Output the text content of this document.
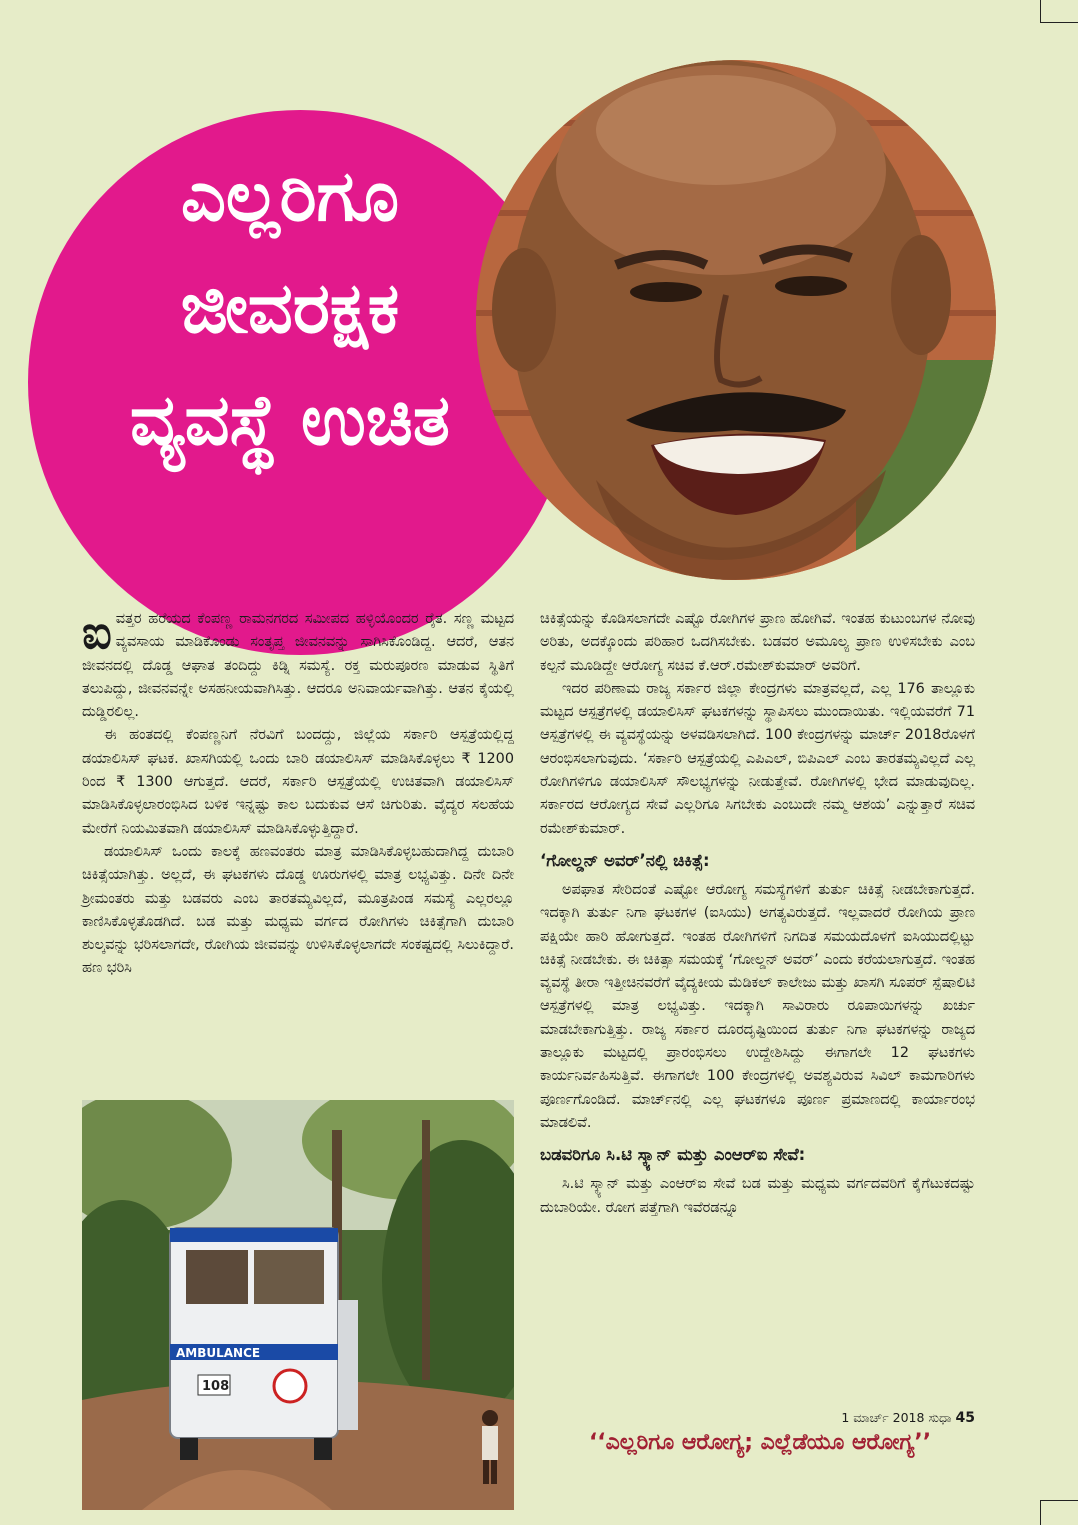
ಎಲ್ಲರಿಗೂ
ಜೀವರಕ್ಷಕ
ವ್ಯವಸ್ಥೆ ಉಚಿತ

ಐವತ್ತರ ಹರೆಯದ ಕೆಂಪಣ್ಣ ರಾಮನಗರದ ಸಮೀಪದ ಹಳ್ಳಿಯೊಂದರ ರೈತ. ಸಣ್ಣ ಮಟ್ಟದ ವ್ಯವಸಾಯ ಮಾಡಿಕೊಂಡು ಸಂತೃಪ್ತ ಜೀವನವನ್ನು ಸಾಗಿಸಿಕೊಂಡಿದ್ದ. ಆದರೆ, ಆತನ ಜೀವನದಲ್ಲಿ ದೊಡ್ಡ ಆಘಾತ ತಂದಿದ್ದು ಕಿಡ್ನಿ ಸಮಸ್ಯೆ. ರಕ್ತ ಮರುಪೂರಣ ಮಾಡುವ ಸ್ಥಿತಿಗೆ ತಲುಪಿದ್ದು, ಜೀವನವನ್ನೇ ಅಸಹನೀಯವಾಗಿಸಿತ್ತು. ಆದರೂ ಅನಿವಾರ್ಯವಾಗಿತ್ತು. ಆತನ ಕೈಯಲ್ಲಿ ದುಡ್ಡಿರಲಿಲ್ಲ.

ಈ ಹಂತದಲ್ಲಿ ಕೆಂಪಣ್ಣನಿಗೆ ನೆರವಿಗೆ ಬಂದದ್ದು, ಜಿಲ್ಲೆಯ ಸರ್ಕಾರಿ ಆಸ್ಪತ್ರೆಯಲ್ಲಿದ್ದ ಡಯಾಲಿಸಿಸ್ ಘಟಕ. ಖಾಸಗಿಯಲ್ಲಿ ಒಂದು ಬಾರಿ ಡಯಾಲಿಸಿಸ್ ಮಾಡಿಸಿಕೊಳ್ಳಲು ₹ 1200 ರಿಂದ ₹ 1300 ಆಗುತ್ತದೆ. ಆದರೆ, ಸರ್ಕಾರಿ ಆಸ್ಪತ್ರೆಯಲ್ಲಿ ಉಚಿತವಾಗಿ ಡಯಾಲಿಸಿಸ್ ಮಾಡಿಸಿಕೊಳ್ಳಲಾರಂಭಿಸಿದ ಬಳಿಕ ಇನ್ನಷ್ಟು ಕಾಲ ಬದುಕುವ ಆಸೆ ಚಿಗುರಿತು. ವೈದ್ಯರ ಸಲಹೆಯ ಮೇರೆಗೆ ನಿಯಮಿತವಾಗಿ ಡಯಾಲಿಸಿಸ್ ಮಾಡಿಸಿಕೊಳ್ಳುತ್ತಿದ್ದಾರೆ.

ಡಯಾಲಿಸಿಸ್ ಒಂದು ಕಾಲಕ್ಕೆ ಹಣವಂತರು ಮಾತ್ರ ಮಾಡಿಸಿಕೊಳ್ಳಬಹುದಾಗಿದ್ದ ದುಬಾರಿ ಚಿಕಿತ್ಸೆಯಾಗಿತ್ತು. ಅಲ್ಲದೆ, ಈ ಘಟಕಗಳು ದೊಡ್ಡ ಊರುಗಳಲ್ಲಿ ಮಾತ್ರ ಲಭ್ಯವಿತ್ತು. ದಿನೇ ದಿನೇ ಶ್ರೀಮಂತರು ಮತ್ತು ಬಡವರು ಎಂಬ ತಾರತಮ್ಯವಿಲ್ಲದೆ, ಮೂತ್ರಪಿಂಡ ಸಮಸ್ಯೆ ಎಲ್ಲರಲ್ಲೂ ಕಾಣಿಸಿಕೊಳ್ಳತೊಡಗಿದೆ. ಬಡ ಮತ್ತು ಮಧ್ಯಮ ವರ್ಗದ ರೋಗಿಗಳು ಚಿಕಿತ್ಸೆಗಾಗಿ ದುಬಾರಿ ಶುಲ್ಕವನ್ನು ಭರಿಸಲಾಗದೇ, ರೋಗಿಯ ಜೀವವನ್ನು ಉಳಿಸಿಕೊಳ್ಳಲಾಗದೇ ಸಂಕಷ್ಟದಲ್ಲಿ ಸಿಲುಕಿದ್ದಾರೆ. ಹಣ ಭರಿಸಿ

ಚಿಕಿತ್ಸೆಯನ್ನು ಕೊಡಿಸಲಾಗದೇ ಎಷ್ಟೊ ರೋಗಿಗಳ ಪ್ರಾಣ ಹೋಗಿವೆ. ಇಂತಹ ಕುಟುಂಬಗಳ ನೋವು ಅರಿತು, ಅದಕ್ಕೊಂದು ಪರಿಹಾರ ಒದಗಿಸಬೇಕು. ಬಡವರ ಅಮೂಲ್ಯ ಪ್ರಾಣ ಉಳಿಸಬೇಕು ಎಂಬ ಕಲ್ಪನೆ ಮೂಡಿದ್ದೇ ಆರೋಗ್ಯ ಸಚಿವ ಕೆ.ಆರ್.ರಮೇಶ್‌ಕುಮಾರ್ ಅವರಿಗೆ.

ಇದರ ಪರಿಣಾಮ ರಾಜ್ಯ ಸರ್ಕಾರ ಜಿಲ್ಲಾ ಕೇಂದ್ರಗಳು ಮಾತ್ರವಲ್ಲದೆ, ಎಲ್ಲ 176 ತಾಲ್ಲೂಕು ಮಟ್ಟದ ಆಸ್ಪತ್ರೆಗಳಲ್ಲಿ ಡಯಾಲಿಸಿಸ್ ಘಟಕಗಳನ್ನು ಸ್ಥಾಪಿಸಲು ಮುಂದಾಯಿತು. ಇಲ್ಲಿಯವರೆಗೆ 71 ಆಸ್ಪತ್ರೆಗಳಲ್ಲಿ ಈ ವ್ಯವಸ್ಥೆಯನ್ನು ಅಳವಡಿಸಲಾಗಿದೆ. 100 ಕೇಂದ್ರಗಳನ್ನು ಮಾರ್ಚ್ 2018ರೊಳಗೆ ಆರಂಭಿಸಲಾಗುವುದು. ‘ಸರ್ಕಾರಿ ಆಸ್ಪತ್ರೆಯಲ್ಲಿ ಎಪಿಎಲ್, ಬಿಪಿಎಲ್ ಎಂಬ ತಾರತಮ್ಯವಿಲ್ಲದೆ ಎಲ್ಲ ರೋಗಿಗಳಿಗೂ ಡಯಾಲಿಸಿಸ್ ಸೌಲಭ್ಯಗಳನ್ನು ನೀಡುತ್ತೇವೆ. ರೋಗಿಗಳಲ್ಲಿ ಭೇದ ಮಾಡುವುದಿಲ್ಲ. ಸರ್ಕಾರದ ಆರೋಗ್ಯದ ಸೇವೆ ಎಲ್ಲರಿಗೂ ಸಿಗಬೇಕು ಎಂಬುದೇ ನಮ್ಮ ಆಶಯ’ ಎನ್ನುತ್ತಾರೆ ಸಚಿವ ರಮೇಶ್‌ಕುಮಾರ್.

‘ಗೋಲ್ಡನ್ ಅವರ್’ನಲ್ಲಿ ಚಿಕಿತ್ಸೆ:

ಅಪಘಾತ ಸೇರಿದಂತೆ ಎಷ್ಟೋ ಆರೋಗ್ಯ ಸಮಸ್ಯೆಗಳಿಗೆ ತುರ್ತು ಚಿಕಿತ್ಸೆ ನೀಡಬೇಕಾಗುತ್ತದೆ. ಇದಕ್ಕಾಗಿ ತುರ್ತು ನಿಗಾ ಘಟಕಗಳ (ಐಸಿಯು) ಅಗತ್ಯವಿರುತ್ತದೆ. ಇಲ್ಲವಾದರೆ ರೋಗಿಯ ಪ್ರಾಣ ಪಕ್ಷಿಯೇ ಹಾರಿ ಹೋಗುತ್ತದೆ. ಇಂತಹ ರೋಗಿಗಳಿಗೆ ನಿಗದಿತ ಸಮಯದೊಳಗೆ ಐಸಿಯುದಲ್ಲಿಟ್ಟು ಚಿಕಿತ್ಸೆ ನೀಡಬೇಕು. ಈ ಚಿಕಿತ್ಸಾ ಸಮಯಕ್ಕೆ ‘ಗೋಲ್ಡನ್ ಅವರ್’ ಎಂದು ಕರೆಯಲಾಗುತ್ತದೆ. ಇಂತಹ ವ್ಯವಸ್ಥೆ ತೀರಾ ಇತ್ತೀಚಿನವರೆಗೆ ವೈದ್ಯಕೀಯ ಮೆಡಿಕಲ್ ಕಾಲೇಜು ಮತ್ತು ಖಾಸಗಿ ಸೂಪರ್ ಸ್ಪೆಷಾಲಿಟಿ ಆಸ್ಪತ್ರೆಗಳಲ್ಲಿ ಮಾತ್ರ ಲಭ್ಯವಿತ್ತು. ಇದಕ್ಕಾಗಿ ಸಾವಿರಾರು ರೂಪಾಯಿಗಳನ್ನು ಖರ್ಚು ಮಾಡಬೇಕಾಗುತ್ತಿತ್ತು. ರಾಜ್ಯ ಸರ್ಕಾರ ದೂರದೃಷ್ಟಿಯಿಂದ ತುರ್ತು ನಿಗಾ ಘಟಕಗಳನ್ನು ರಾಜ್ಯದ ತಾಲ್ಲೂಕು ಮಟ್ಟದಲ್ಲಿ ಪ್ರಾರಂಭಿಸಲು ಉದ್ದೇಶಿಸಿದ್ದು ಈಗಾಗಲೇ 12 ಘಟಕಗಳು ಕಾರ್ಯನಿರ್ವಹಿಸುತ್ತಿವೆ. ಈಗಾಗಲೇ 100 ಕೇಂದ್ರಗಳಲ್ಲಿ ಅವಶ್ಯವಿರುವ ಸಿವಿಲ್ ಕಾಮಗಾರಿಗಳು ಪೂರ್ಣಗೊಂಡಿದೆ. ಮಾರ್ಚ್‌ನಲ್ಲಿ ಎಲ್ಲ ಘಟಕಗಳೂ ಪೂರ್ಣ ಪ್ರಮಾಣದಲ್ಲಿ ಕಾರ್ಯಾರಂಭ ಮಾಡಲಿವೆ.

ಬಡವರಿಗೂ ಸಿ.ಟಿ ಸ್ಕ್ಯಾನ್ ಮತ್ತು ಎಂಆರ್‌ಐ ಸೇವೆ:

ಸಿ.ಟಿ ಸ್ಕ್ಯಾನ್ ಮತ್ತು ಎಂಆರ್‌ಐ ಸೇವೆ ಬಡ ಮತ್ತು ಮಧ್ಯಮ ವರ್ಗದವರಿಗೆ ಕೈಗೆಟುಕದಷ್ಟು ದುಬಾರಿಯೇ. ರೋಗ ಪತ್ತೆಗಾಗಿ ಇವೆರಡನ್ನೂ

AMBULANCE
108
1 ಮಾರ್ಚ್ 2018 ಸುಧಾ 45
‘‘ಎಲ್ಲರಿಗೂ ಆರೋಗ್ಯ; ಎಲ್ಲೆಡೆಯೂ ಆರೋಗ್ಯ’’
